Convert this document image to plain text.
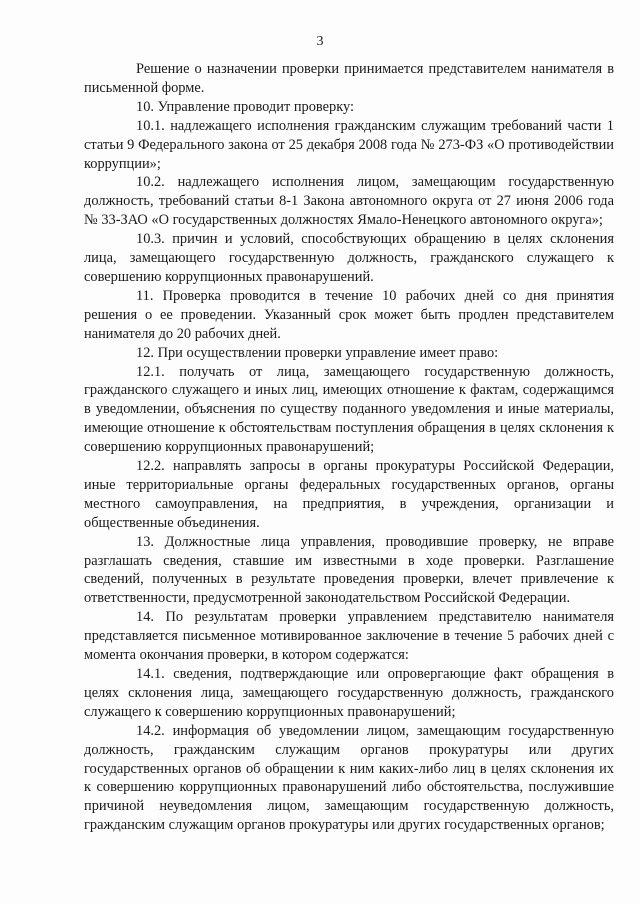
3

Решение о назначении проверки принимается представителем нанимателя в письменной форме.

10. Управление проводит проверку:

10.1. надлежащего исполнения гражданским служащим требований части 1 статьи 9 Федерального закона от 25 декабря 2008 года № 273-ФЗ «О противодействии коррупции»;

10.2. надлежащего исполнения лицом, замещающим государственную должность, требований статьи 8-1 Закона автономного округа от 27 июня 2006 года № 33-ЗАО «О государственных должностях Ямало-Ненецкого автономного округа»;

10.3. причин и условий, способствующих обращению в целях склонения лица, замещающего государственную должность, гражданского служащего к совершению коррупционных правонарушений.

11. Проверка проводится в течение 10 рабочих дней со дня принятия решения о ее проведении. Указанный срок может быть продлен представителем нанимателя до 20 рабочих дней.

12. При осуществлении проверки управление имеет право:

12.1. получать от лица, замещающего государственную должность, гражданского служащего и иных лиц, имеющих отношение к фактам, содержащимся в уведомлении, объяснения по существу поданного уведомления и иные материалы, имеющие отношение к обстоятельствам поступления обращения в целях склонения к совершению коррупционных правонарушений;

12.2. направлять запросы в органы прокуратуры Российской Федерации, иные территориальные органы федеральных государственных органов, органы местного самоуправления, на предприятия, в учреждения, организации и общественные объединения.

13. Должностные лица управления, проводившие проверку, не вправе разглашать сведения, ставшие им известными в ходе проверки. Разглашение сведений, полученных в результате проведения проверки, влечет привлечение к ответственности, предусмотренной законодательством Российской Федерации.

14. По результатам проверки управлением представителю нанимателя представляется письменное мотивированное заключение в течение 5 рабочих дней с момента окончания проверки, в котором содержатся:

14.1. сведения, подтверждающие или опровергающие факт обращения в целях склонения лица, замещающего государственную должность, гражданского служащего к совершению коррупционных правонарушений;

14.2. информация об уведомлении лицом, замещающим государственную должность, гражданским служащим органов прокуратуры или других государственных органов об обращении к ним каких-либо лиц в целях склонения их к совершению коррупционных правонарушений либо обстоятельства, послужившие причиной неуведомления лицом, замещающим государственную должность, гражданским служащим органов прокуратуры или других государственных органов;
